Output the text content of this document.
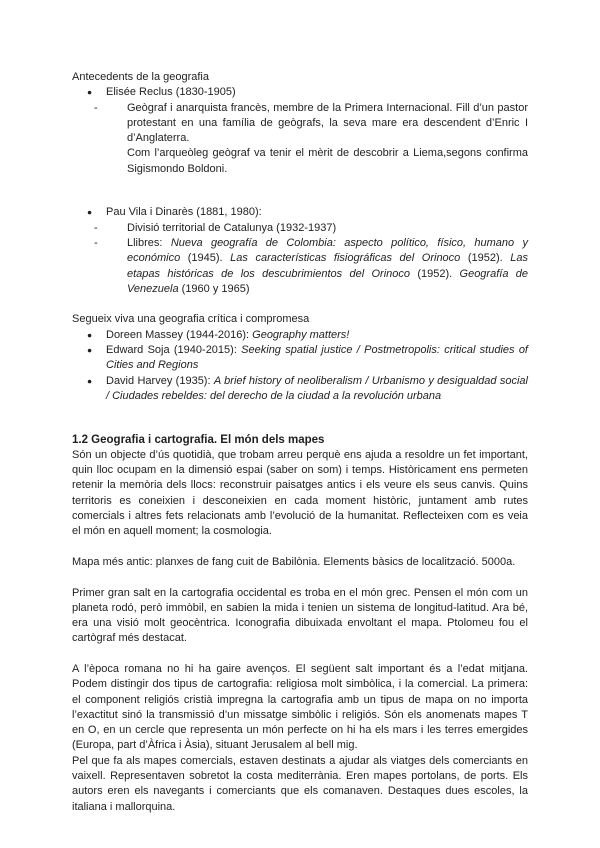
Antecedents de la geografia

● Elisée Reclus (1830-1905)
- Geògraf i anarquista francès, membre de la Primera Internacional. Fill d’un pastor protestant en una família de geògrafs, la seva mare era descendent d’Enric I d’Anglaterra.

Com l’arqueòleg geògraf va tenir el mèrit de descobrir a Liema,segons confirma Sigismondo Boldoni.

● Pau Vila i Dinarès (1881, 1980):
- Divisió territorial de Catalunya (1932-1937)
- Llibres: Nueva geografía de Colombia: aspecto político, físico, humano y económico (1945). Las características fisiográficas del Orinoco (1952). Las etapas históricas de los descubrimientos del Orinoco (1952). Geografía de Venezuela (1960 y 1965)

Segueix viva una geografia crítica i compromesa

● Doreen Massey (1944-2016): Geography matters!
● Edward Soja (1940-2015): Seeking spatial justice / Postmetropolis: critical studies of Cities and Regions
● David Harvey (1935): A brief history of neoliberalism / Urbanismo y desigualdad social / Ciudades rebeldes: del derecho de la ciudad a la revolución urbana
1.2 Geografia i cartografia. El món dels mapes

Són un objecte d’ús quotidià, que trobam arreu perquè ens ajuda a resoldre un fet important, quin lloc ocupam en la dimensió espai (saber on som) i temps. Històricament ens permeten retenir la memòria dels llocs: reconstruir paisatges antics i els veure els seus canvis. Quins territoris es coneixien i desconeixien en cada moment històric, juntament amb rutes comercials i altres fets relacionats amb l’evolució de la humanitat. Reflecteixen com es veia el món en aquell moment; la cosmologia.

Mapa més antic: planxes de fang cuit de Babilònia. Elements bàsics de localització. 5000a.

Primer gran salt en la cartografia occidental es troba en el món grec. Pensen el món com un planeta rodó, però immòbil, en sabien la mida i tenien un sistema de longitud-latitud. Ara bé, era una visió molt geocèntrica. Iconografia dibuixada envoltant el mapa. Ptolomeu fou el cartògraf més destacat.

A l’època romana no hi ha gaire avenços. El següent salt important és a l’edat mitjana. Podem distingir dos tipus de cartografia: religiosa molt simbòlica, i la comercial. La primera: el component religiós cristià impregna la cartografia amb un tipus de mapa on no importa l’exactitut sinó la transmissió d’un missatge simbòlic i religiós. Són els anomenats mapes T en O, en un cercle que representa un món perfecte on hi ha els mars i les terres emergides (Europa, part d’Àfrica i Àsia), situant Jerusalem al bell mig.

Pel que fa als mapes comercials, estaven destinats a ajudar als viatges dels comerciants en vaixell. Representaven sobretot la costa mediterrània. Eren mapes portolans, de ports. Els autors eren els navegants i comerciants que els comanaven. Destaques dues escoles, la italiana i mallorquina.
